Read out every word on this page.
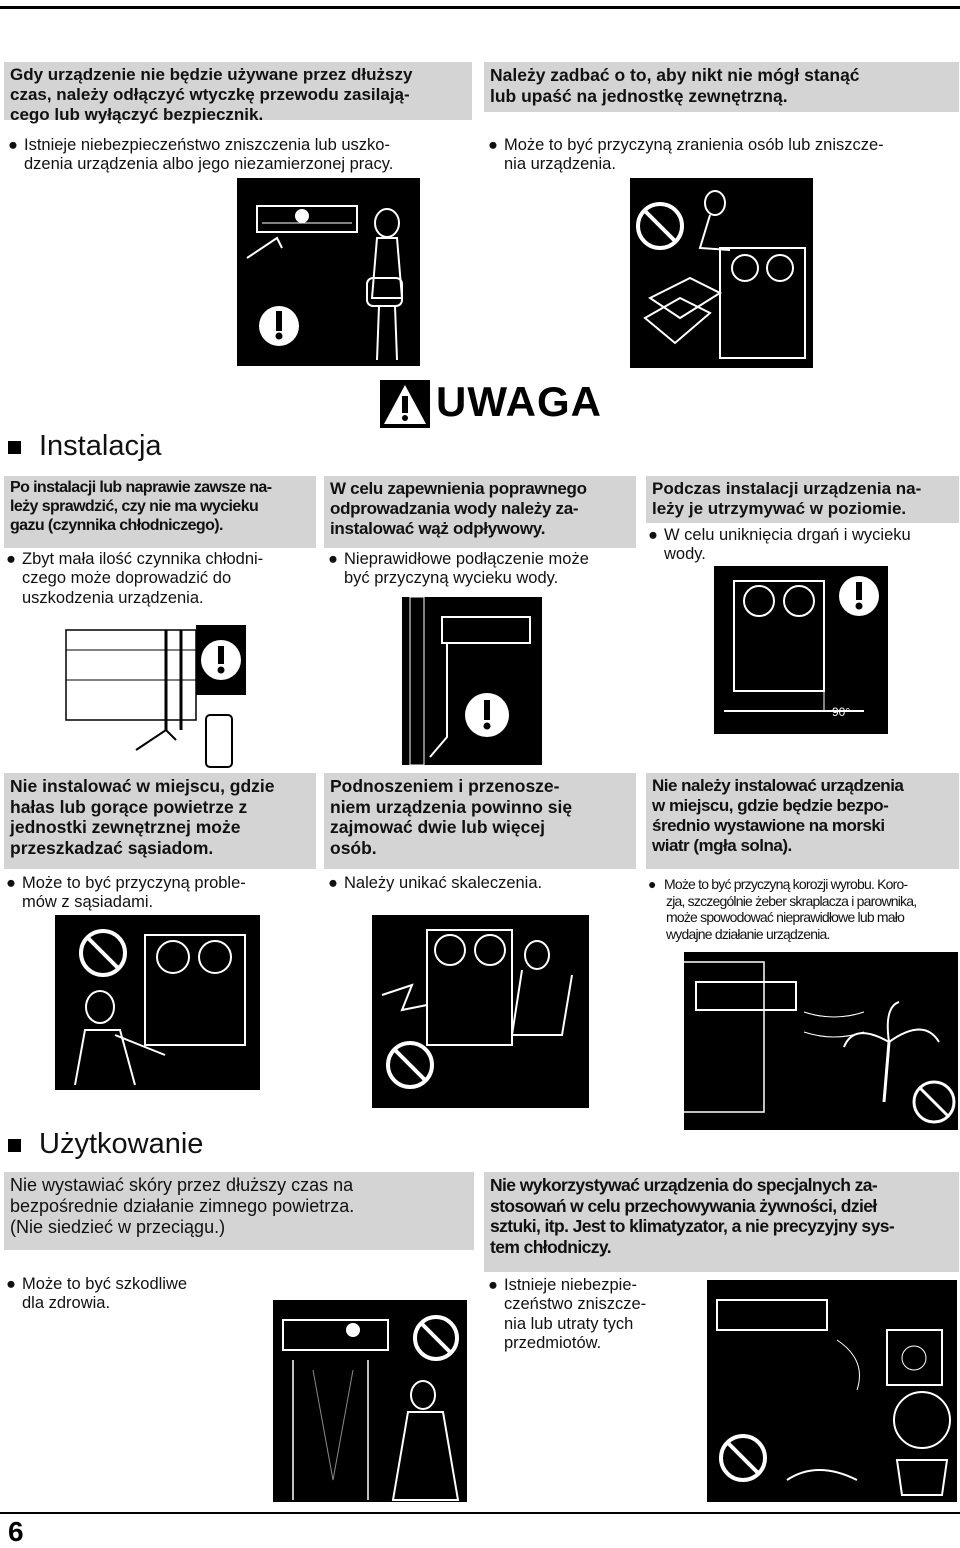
Gdy urządzenie nie będzie używane przez dłuższy
czas, należy odłączyć wtyczkę przewodu zasilają-
cego lub wyłączyć bezpiecznik.
● Istnieje niebezpieczeństwo zniszczenia lub uszko-
dzenia urządzenia albo jego niezamierzonej pracy.
Należy zadbać o to, aby nikt nie mógł stanąć
lub upaść na jednostkę zewnętrzną.
● Może to być przyczyną zranienia osób lub zniszcze-
nia urządzenia.
UWAGA
Instalacja
Po instalacji lub naprawie zawsze na-
leży sprawdzić, czy nie ma wycieku
gazu (czynnika chłodniczego).
● Zbyt mała ilość czynnika chłodni-
czego może doprowadzić do
uszkodzenia urządzenia.
W celu zapewnienia poprawnego
odprowadzania wody należy za-
instalować wąż odpływowy.
● Nieprawidłowe podłączenie może
być przyczyną wycieku wody.
Podczas instalacji urządzenia na-
leży je utrzymywać w poziomie.
● W celu uniknięcia drgań i wycieku
wody.
90°
Nie instalować w miejscu, gdzie
hałas lub gorące powietrze z
jednostki zewnętrznej może
przeszkadzać sąsiadom.
● Może to być przyczyną proble-
mów z sąsiadami.
Podnoszeniem i przenosze-
niem urządzenia powinno się
zajmować dwie lub więcej
osób.
● Należy unikać skaleczenia.
Nie należy instalować urządzenia
w miejscu, gdzie będzie bezpo-
średnio wystawione na morski
wiatr (mgła solna).
● Może to być przyczyną korozji wyrobu. Koro-
zja, szczególnie żeber skraplacza i parownika,
może spowodować nieprawidłowe lub mało
wydajne działanie urządzenia.
Użytkowanie
Nie wystawiać skóry przez dłuższy czas na
bezpośrednie działanie zimnego powietrza.
(Nie siedzieć w przeciągu.)
● Może to być szkodliwe
dla zdrowia.
Nie wykorzystywać urządzenia do specjalnych za-
stosowań w celu przechowywania żywności, dzieł
sztuki, itp. Jest to klimatyzator, a nie precyzyjny sys-
tem chłodniczy.
● Istnieje niebezpie-
czeństwo zniszcze-
nia lub utraty tych
przedmiotów.
6
